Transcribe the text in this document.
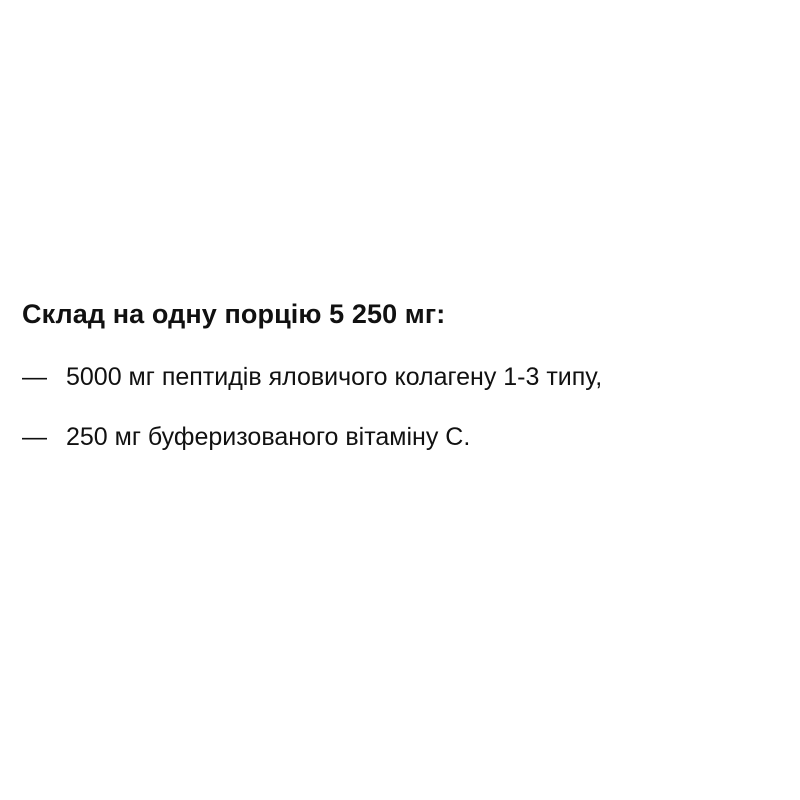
Склад на одну порцію 5 250 мг:
— 5000 мг пептидів яловичого колагену 1-3 типу,
— 250 мг буферизованого вітаміну C.
